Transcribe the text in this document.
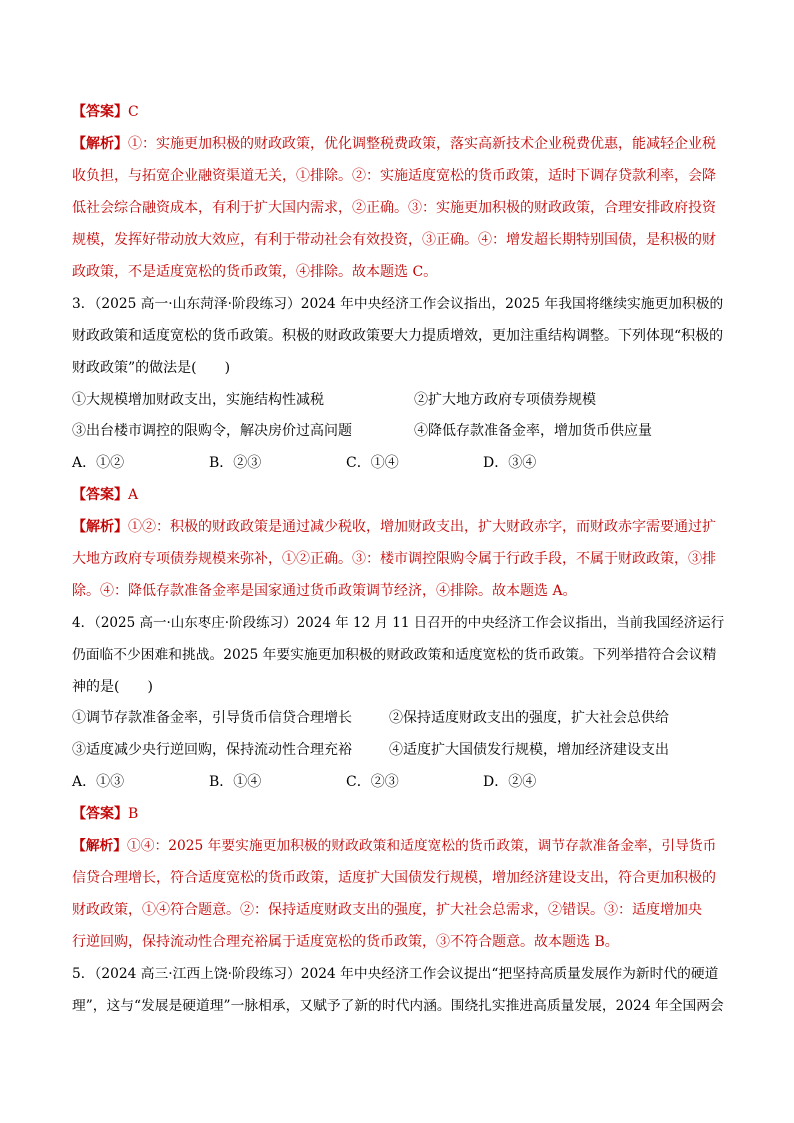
【答案】C
【解析】①：实施更加积极的财政政策，优化调整税费政策，落实高新技术企业税费优惠，能减轻企业税
收负担，与拓宽企业融资渠道无关，①排除。②：实施适度宽松的货币政策，适时下调存贷款利率，会降
低社会综合融资成本，有利于扩大国内需求，②正确。③：实施更加积极的财政政策，合理安排政府投资
规模，发挥好带动放大效应，有利于带动社会有效投资，③正确。④：增发超长期特别国债，是积极的财
政政策，不是适度宽松的货币政策，④排除。故本题选 C。
3．（2025 高一·山东菏泽·阶段练习）2024 年中央经济工作会议指出，2025 年我国将继续实施更加积极的
财政政策和适度宽松的货币政策。积极的财政政策要大力提质增效，更加注重结构调整。下列体现“积极的
财政政策”的做法是(　　)
①大规模增加财政支出，实施结构性减税	②扩大地方政府专项债券规模
③出台楼市调控的限购令，解决房价过高问题	④降低存款准备金率，增加货币供应量
A．①②	B．②③	C．①④	D．③④
【答案】A
【解析】①②：积极的财政政策是通过减少税收，增加财政支出，扩大财政赤字，而财政赤字需要通过扩
大地方政府专项债券规模来弥补，①②正确。③：楼市调控限购令属于行政手段，不属于财政政策，③排
除。④：降低存款准备金率是国家通过货币政策调节经济，④排除。故本题选 A。
4．（2025 高一·山东枣庄·阶段练习）2024 年 12 月 11 日召开的中央经济工作会议指出，当前我国经济运行
仍面临不少困难和挑战。2025 年要实施更加积极的财政政策和适度宽松的货币政策。下列举措符合会议精
神的是(　　)
①调节存款准备金率，引导货币信贷合理增长	②保持适度财政支出的强度，扩大社会总供给
③适度减少央行逆回购，保持流动性合理充裕	④适度扩大国债发行规模，增加经济建设支出
A．①③	B．①④	C．②③	D．②④
【答案】B
【解析】①④：2025 年要实施更加积极的财政政策和适度宽松的货币政策，调节存款准备金率，引导货币
信贷合理增长，符合适度宽松的货币政策，适度扩大国债发行规模，增加经济建设支出，符合更加积极的
财政政策，①④符合题意。②：保持适度财政支出的强度，扩大社会总需求，②错误。③：适度增加央
行逆回购，保持流动性合理充裕属于适度宽松的货币政策，③不符合题意。故本题选 B。
5．（2024 高三·江西上饶·阶段练习）2024 年中央经济工作会议提出“把坚持高质量发展作为新时代的硬道
理”，这与“发展是硬道理”一脉相承，又赋予了新的时代内涵。围绕扎实推进高质量发展，2024 年全国两会
